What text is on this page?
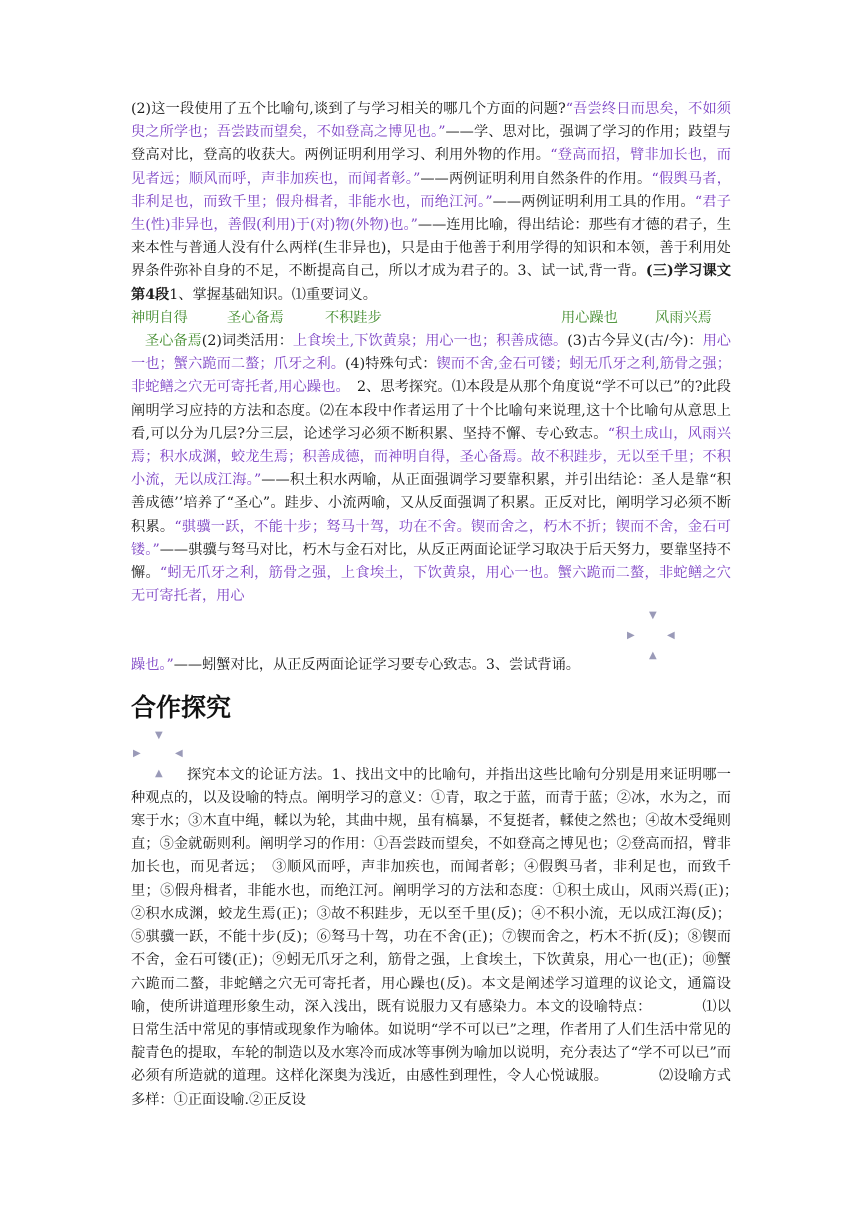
(2)这一段使用了五个比喻句,谈到了与学习相关的哪几个方面的问题?“吾尝终日而思矣，不如须臾之所学也；吾尝跂而望矣，不如登高之博见也。”——学、思对比，强调了学习的作用；跂望与登高对比，登高的收获大。两例证明利用学习、利用外物的作用。“登高而招，臂非加长也，而见者远；顺风而呼，声非加疾也，而闻者彰。”——两例证明利用自然条件的作用。“假舆马者，非利足也，而致千里；假舟楫者，非能水也，而绝江河。”——两例证明利用工具的作用。“君子生(性)非异也，善假(利用)于(对)物(外物)也。”——连用比喻，得出结论：那些有才德的君子，生来本性与普通人没有什么两样(生非异也)，只是由于他善于利用学得的知识和本领，善于利用处界条件弥补自身的不足，不断提高自己，所以才成为君子的。3、试一试,背一背。(三)学习课文第4段1、掌握基础知识。⑴重要词义。
神明自得	圣心备焉	不积跬步	用心躁也	风雨兴焉 圣心备焉(2)词类活用：上食埃土,下饮黄泉；用心一也；积善成德。(3)古今异义(古/今)：用心一也；蟹六跪而二螯；爪牙之利。(4)特殊句式：锲而不舍,金石可镂；蚓无爪牙之利,筋骨之强；非蛇鳝之穴无可寄托者,用心躁也。　 2、思考探究。⑴本段是从那个角度说“学不可以已”的?此段阐明学习应持的方法和态度。⑵在本段中作者运用了十个比喻句来说理,这十个比喻句从意思上看,可以分为几层?分三层，论述学习必须不断积累、坚持不懈、专心致志。“积土成山，风雨兴焉；积水成渊，蛟龙生焉；积善成德，而神明自得，圣心备焉。故不积跬步，无以至千里；不积小流，无以成江海。”——积土积水两喻，从正面强调学习要靠积累，并引出结论：圣人是靠“积善成德’’培养了“圣心”。跬步、小流两喻，又从反面强调了积累。正反对比，阐明学习必须不断积累。“骐骥一跃，不能十步；驽马十驾，功在不舍。锲而舍之，朽木不折；锲而不舍，金石可镂。”——骐骥与驽马对比，朽木与金石对比，从反正两面论证学习取决于后天努力，要靠坚持不懈。“蚓无爪牙之利，筋骨之强，上食埃土，下饮黄泉，用心一也。蟹六跪而二螯，非蛇鳝之穴无可寄托者，用心

▼
▶	◀
▲

躁也。”——蚓蟹对比，从正反两面论证学习要专心致志。3、尝试背诵。

合作探究
▼
▶	◀
▲	探究本文的论证方法。1、找出文中的比喻句，并指出这些比喻句分别是用来证明哪一种观点的，以及设喻的特点。阐明学习的意义：①青，取之于蓝，而青于蓝；②冰，水为之，而寒于水；③木直中绳，輮以为轮，其曲中规，虽有槁暴，不复挺者，輮使之然也；④故木受绳则直；⑤金就砺则利。阐明学习的作用：①吾尝跂而望矣，不如登高之博见也；②登高而招，臂非加长也，而见者远；　③顺风而呼，声非加疾也，而闻者彰；④假舆马者，非利足也，而致千里；⑤假舟楫者，非能水也，而绝江河。阐明学习的方法和态度：①积土成山，风雨兴焉(正)；　②积水成渊，蛟龙生焉(正)；③故不积跬步，无以至千里(反)；④不积小流，无以成江海(反)；⑤骐骥一跃，不能十步(反)；⑥驽马十驾，功在不舍(正)；⑦锲而舍之，朽木不折(反)；⑧锲而不舍，金石可镂(正)；⑨蚓无爪牙之利，筋骨之强，上食埃土，下饮黄泉，用心一也(正)；⑩蟹六跪而二螯，非蛇鳝之穴无可寄托者，用心躁也(反)。本文是阐述学习道理的议论文，通篇设喻，使所讲道理形象生动，深入浅出，既有说服力又有感染力。本文的设喻特点：　　　　⑴以日常生活中常见的事情或现象作为喻体。如说明“学不可以已”之理，作者用了人们生活中常见的靛青色的提取，车轮的制造以及水寒冷而成冰等事例为喻加以说明，充分表达了“学不可以已”而必须有所造就的道理。这样化深奥为浅近，由感性到理性，令人心悦诚服。　　　　⑵设喻方式多样：①正面设喻.②正反设
